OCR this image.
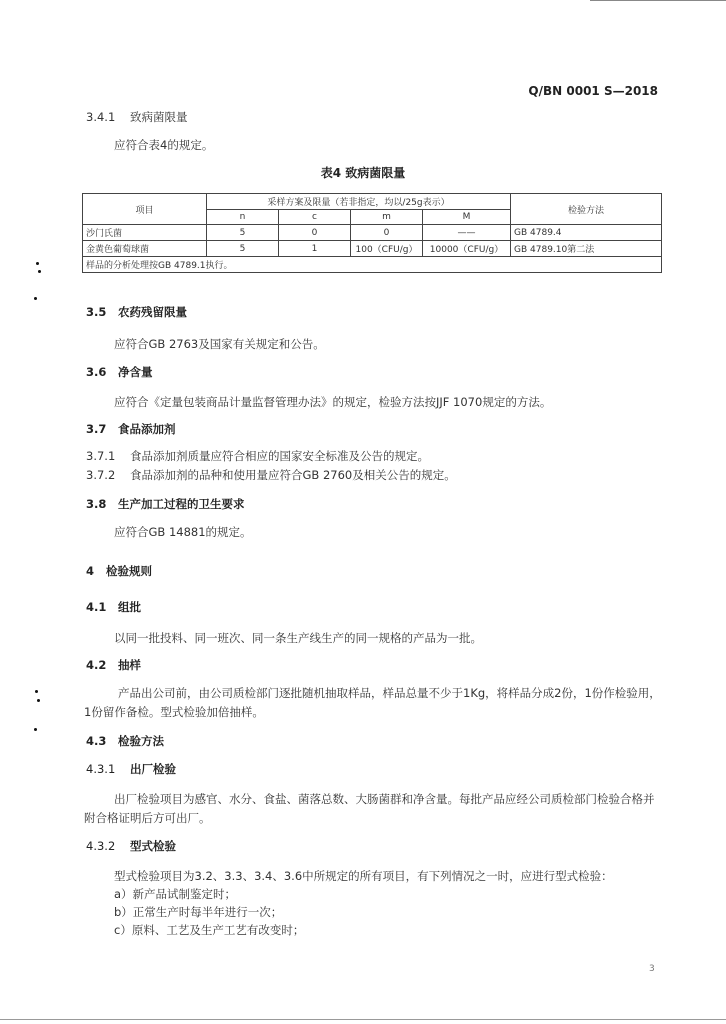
Q/BN 0001 S—2018
3.4.1 致病菌限量
应符合表4的规定。
表4 致病菌限量
项目	采样方案及限量（若非指定，均以/25g表示）				检验方法
	n	c	m	M	
沙门氏菌	5	0	0	——	GB 4789.4
金黄色葡萄球菌	5	1	100（CFU/g）	10000（CFU/g）	GB 4789.10第二法
样品的分析处理按GB 4789.1执行。					
3.5 农药残留限量
应符合GB 2763及国家有关规定和公告。
3.6 净含量
应符合《定量包装商品计量监督管理办法》的规定，检验方法按JJF 1070规定的方法。
3.7 食品添加剂
3.7.1 食品添加剂质量应符合相应的国家安全标准及公告的规定。
3.7.2 食品添加剂的品种和使用量应符合GB 2760及相关公告的规定。
3.8 生产加工过程的卫生要求
应符合GB 14881的规定。
4 检验规则
4.1 组批
以同一批投料、同一班次、同一条生产线生产的同一规格的产品为一批。
4.2 抽样
产品出公司前，由公司质检部门逐批随机抽取样品，样品总量不少于1Kg，将样品分成2份，1份作检验用，1份留作备检。型式检验加倍抽样。
4.3 检验方法
4.3.1 出厂检验
出厂检验项目为感官、水分、食盐、菌落总数、大肠菌群和净含量。每批产品应经公司质检部门检验合格并附合格证明后方可出厂。
4.3.2 型式检验
型式检验项目为3.2、3.3、3.4、3.6中所规定的所有项目，有下列情况之一时，应进行型式检验：
a）新产品试制鉴定时；
b）正常生产时每半年进行一次；
c）原料、工艺及生产工艺有改变时；
3
